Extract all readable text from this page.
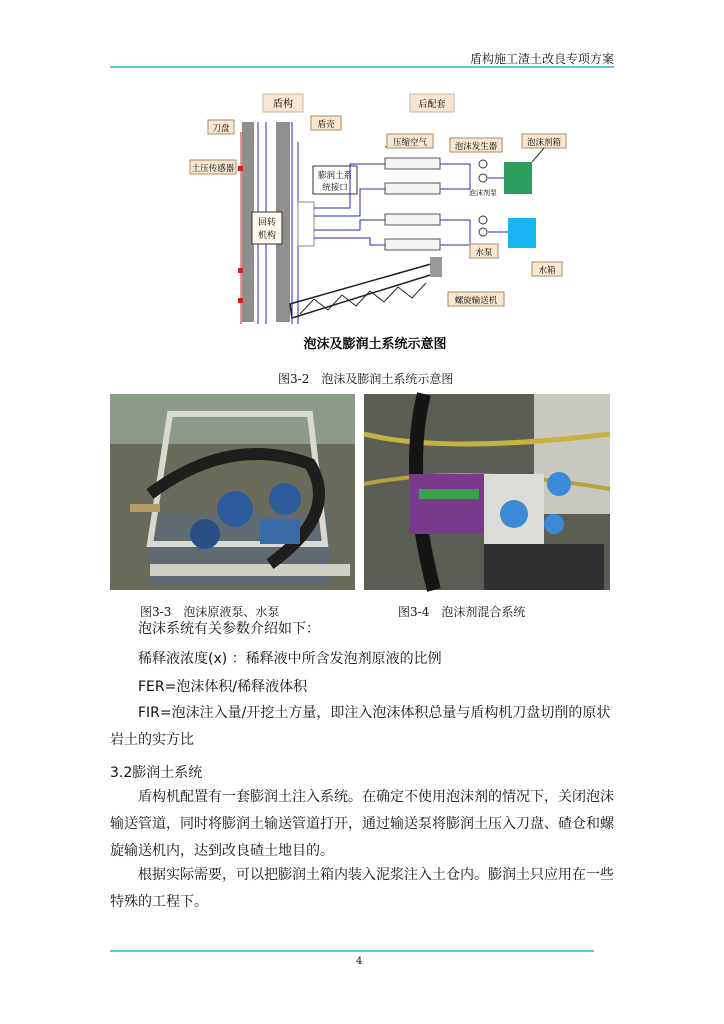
盾构施工渣土改良专项方案
盾构	后配套
回转
机构
刀盘
土压传感器
盾壳
膨润土系
统接口
压缩空气	泡沫发生器	泡沫剂箱
泡沫剂泵
水泵
水箱
螺旋输送机
泡沫及膨润土系统示意图
图3-2　泡沫及膨润土系统示意图
图3-3　泡沫原液泵、水泵	图3-4　泡沫剂混合系统
泡沫系统有关参数介绍如下：
稀释液浓度(x) ：稀释液中所含发泡剂原液的比例
FER=泡沫体积/稀释液体积
FIR=泡沫注入量/开挖土方量，即注入泡沫体积总量与盾构机刀盘切削的原状岩土的实方比
3.2膨润土系统
盾构机配置有一套膨润土注入系统。在确定不使用泡沫剂的情况下，关闭泡沫输送管道，同时将膨润土输送管道打开，通过输送泵将膨润土压入刀盘、碴仓和螺旋输送机内，达到改良碴土地目的。
根据实际需要，可以把膨润土箱内装入泥浆注入土仓内。膨润土只应用在一些特殊的工程下。
4
